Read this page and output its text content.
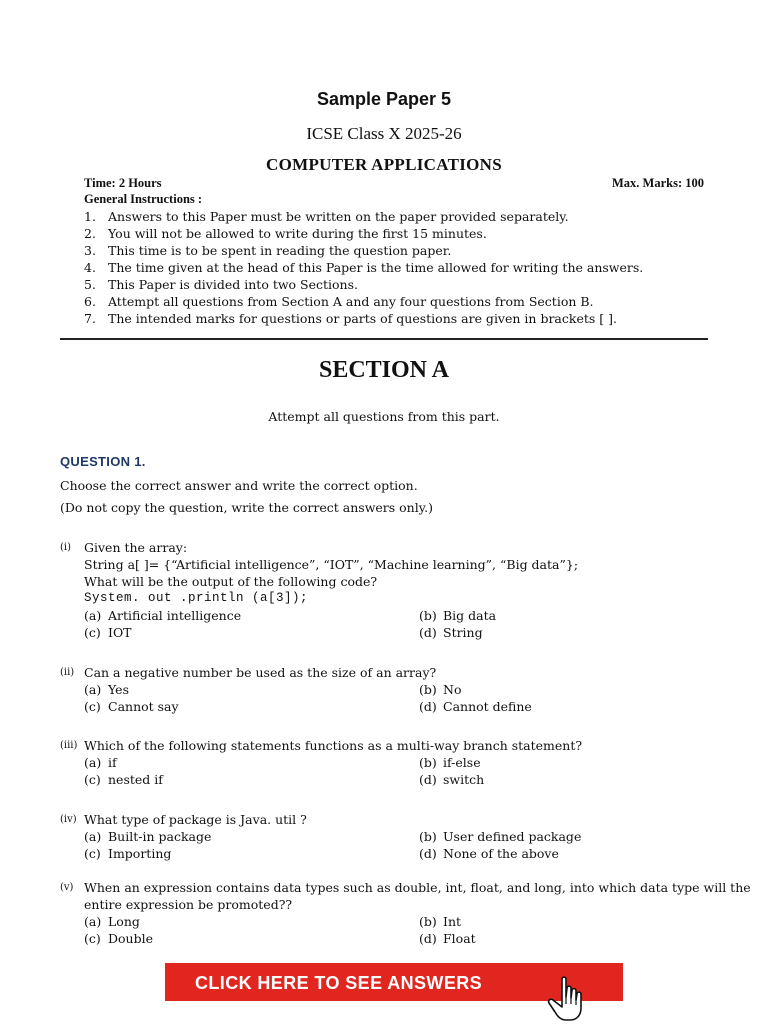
Sample Paper 5
ICSE Class X 2025-26
COMPUTER APPLICATIONS
Time: 2 Hours	Max. Marks: 100
General Instructions :
1. Answers to this Paper must be written on the paper provided separately.
2. You will not be allowed to write during the first 15 minutes.
3. This time is to be spent in reading the question paper.
4. The time given at the head of this Paper is the time allowed for writing the answers.
5. This Paper is divided into two Sections.
6. Attempt all questions from Section A and any four questions from Section B.
7. The intended marks for questions or parts of questions are given in brackets [ ].
SECTION A
Attempt all questions from this part.
QUESTION 1.
Choose the correct answer and write the correct option.
(Do not copy the question, write the correct answers only.)
(i) Given the array:
String a[ ]= {“Artificial intelligence”, “IOT”, “Machine learning”, “Big data”};
What will be the output of the following code?
System. out .println (a[3]);
(a) Artificial intelligence	(b) Big data
(c) IOT	(d) String
(ii) Can a negative number be used as the size of an array?
(a) Yes	(b) No
(c) Cannot say	(d) Cannot define
(iii) Which of the following statements functions as a multi-way branch statement?
(a) if	(b) if-else
(c) nested if	(d) switch
(iv) What type of package is Java. util ?
(a) Built-in package	(b) User defined package
(c) Importing	(d) None of the above
(v) When an expression contains data types such as double, int, float, and long, into which data type will the
entire expression be promoted??
(a) Long	(b) Int
(c) Double	(d) Float
CLICK HERE TO SEE ANSWERS
